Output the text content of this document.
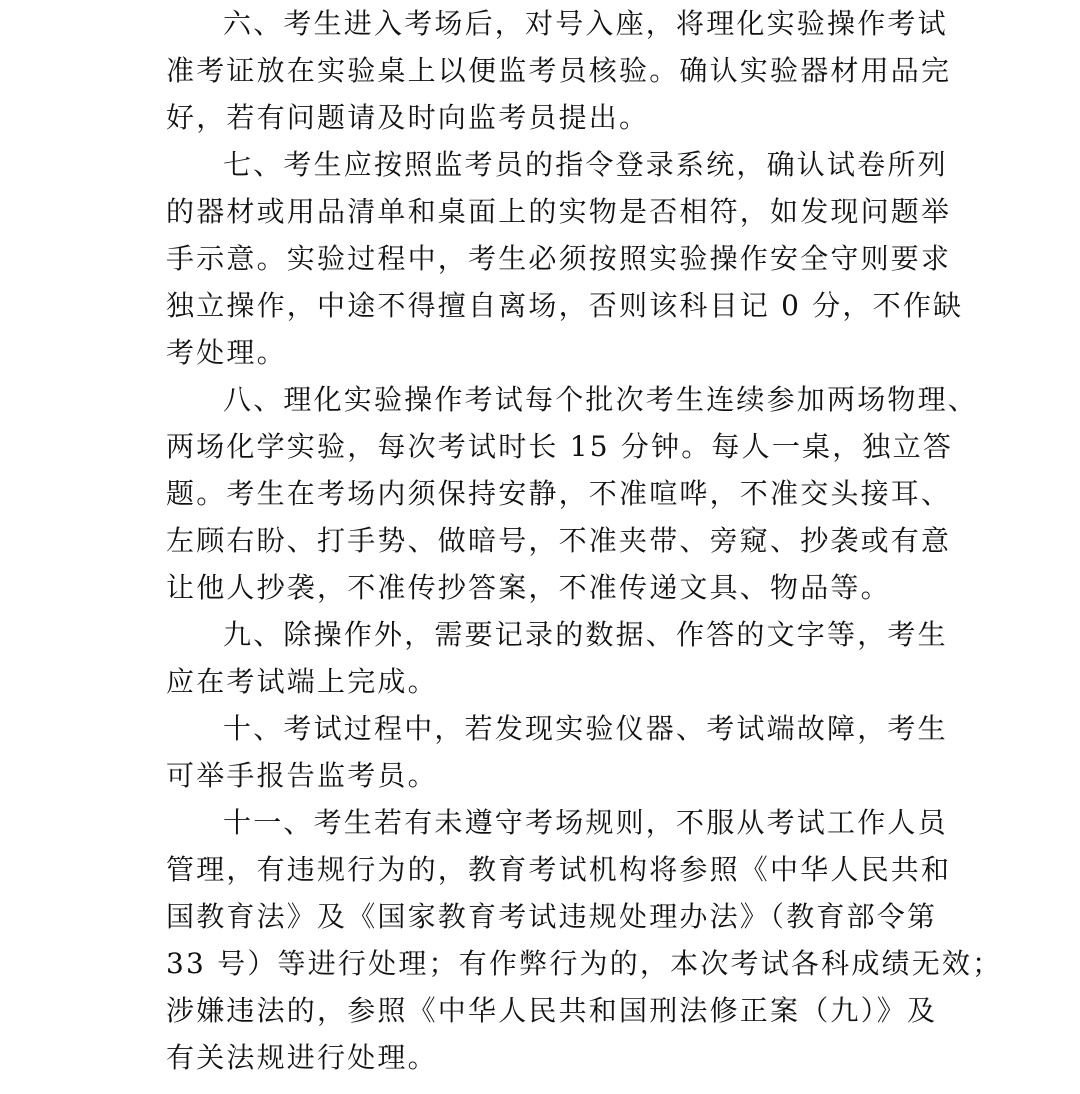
六、考生进入考场后，对号入座，将理化实验操作考试
准考证放在实验桌上以便监考员核验。确认实验器材用品完
好，若有问题请及时向监考员提出。
七、考生应按照监考员的指令登录系统，确认试卷所列
的器材或用品清单和桌面上的实物是否相符，如发现问题举
手示意。实验过程中，考生必须按照实验操作安全守则要求
独立操作，中途不得擅自离场，否则该科目记 0 分，不作缺
考处理。
八、理化实验操作考试每个批次考生连续参加两场物理、
两场化学实验，每次考试时长 15 分钟。每人一桌，独立答
题。考生在考场内须保持安静，不准喧哗，不准交头接耳、
左顾右盼、打手势、做暗号，不准夹带、旁窥、抄袭或有意
让他人抄袭，不准传抄答案，不准传递文具、物品等。
九、除操作外，需要记录的数据、作答的文字等，考生
应在考试端上完成。
十、考试过程中，若发现实验仪器、考试端故障，考生
可举手报告监考员。
十一、考生若有未遵守考场规则，不服从考试工作人员
管理，有违规行为的，教育考试机构将参照《中华人民共和
国教育法》及《国家教育考试违规处理办法》（教育部令第
33 号）等进行处理；有作弊行为的，本次考试各科成绩无效；
涉嫌违法的，参照《中华人民共和国刑法修正案（九）》及
有关法规进行处理。
